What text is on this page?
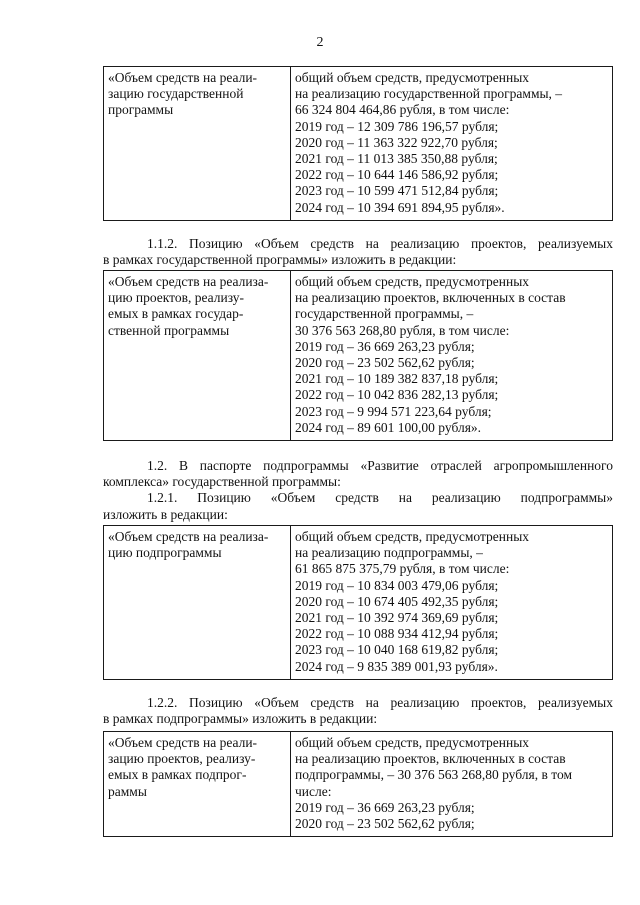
2
«Объем средств на реали-
зацию государственной
программы

общий объем средств, предусмотренных
на реализацию государственной программы, –
66 324 804 464,86 рубля, в том числе:
2019 год – 12 309 786 196,57 рубля;
2020 год – 11 363 322 922,70 рубля;
2021 год – 11 013 385 350,88 рубля;
2022 год – 10 644 146 586,92 рубля;
2023 год – 10 599 471 512,84 рубля;
2024 год – 10 394 691 894,95 рубля».
1.1.2. Позицию «Объем средств на реализацию проектов, реализуемых
в рамках государственной программы» изложить в редакции:
«Объем средств на реализа-
цию проектов, реализу-
емых в рамках государ-
ственной программы

общий объем средств, предусмотренных
на реализацию проектов, включенных в состав
государственной программы, –
30 376 563 268,80 рубля, в том числе:
2019 год – 36 669 263,23 рубля;
2020 год – 23 502 562,62 рубля;
2021 год – 10 189 382 837,18 рубля;
2022 год – 10 042 836 282,13 рубля;
2023 год – 9 994 571 223,64 рубля;
2024 год – 89 601 100,00 рубля».
1.2. В паспорте подпрограммы «Развитие отраслей агропромышленного
комплекса» государственной программы:
1.2.1. Позицию «Объем средств на реализацию подпрограммы»
изложить в редакции:
«Объем средств на реализа-
цию подпрограммы

общий объем средств, предусмотренных
на реализацию подпрограммы, –
61 865 875 375,79 рубля, в том числе:
2019 год – 10 834 003 479,06 рубля;
2020 год – 10 674 405 492,35 рубля;
2021 год – 10 392 974 369,69 рубля;
2022 год – 10 088 934 412,94 рубля;
2023 год – 10 040 168 619,82 рубля;
2024 год – 9 835 389 001,93 рубля».
1.2.2. Позицию «Объем средств на реализацию проектов, реализуемых
в рамках подпрограммы» изложить в редакции:
«Объем средств на реали-
зацию проектов, реализу-
емых в рамках подпрог-
раммы

общий объем средств, предусмотренных
на реализацию проектов, включенных в состав
подпрограммы, – 30 376 563 268,80 рубля, в том
числе:
2019 год – 36 669 263,23 рубля;
2020 год – 23 502 562,62 рубля;
